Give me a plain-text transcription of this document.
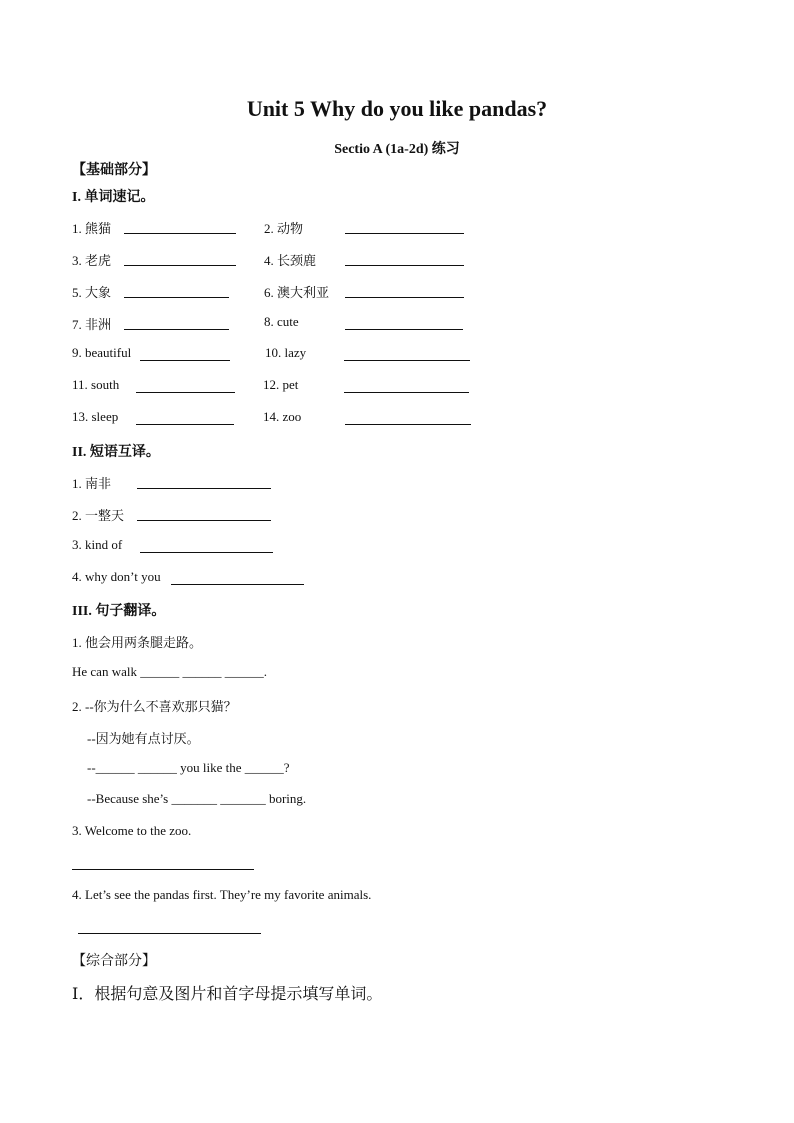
Unit 5 Why do you like pandas?
Sectio A (1a-2d) 练习
【基础部分】
I. 单词速记。
1. 熊猫	2. 动物
3. 老虎	4. 长颈鹿
5. 大象	6. 澳大利亚
7. 非洲	8. cute
9. beautiful	10. lazy
11. south	12. pet
13. sleep	14. zoo
II. 短语互译。
1. 南非
2. 一整天
3. kind of
4. why don’t you
III. 句子翻译。
1. 他会用两条腿走路。
He can walk ______ ______ ______.
2. --你为什么不喜欢那只猫？
--因为她有点讨厌。
--______ ______ you like the ______?
--Because she’s _______ _______ boring.
3. Welcome to the zoo.
4. Let’s see the pandas first. They’re my favorite animals.
【综合部分】
Ⅰ．根据句意及图片和首字母提示填写单词。
